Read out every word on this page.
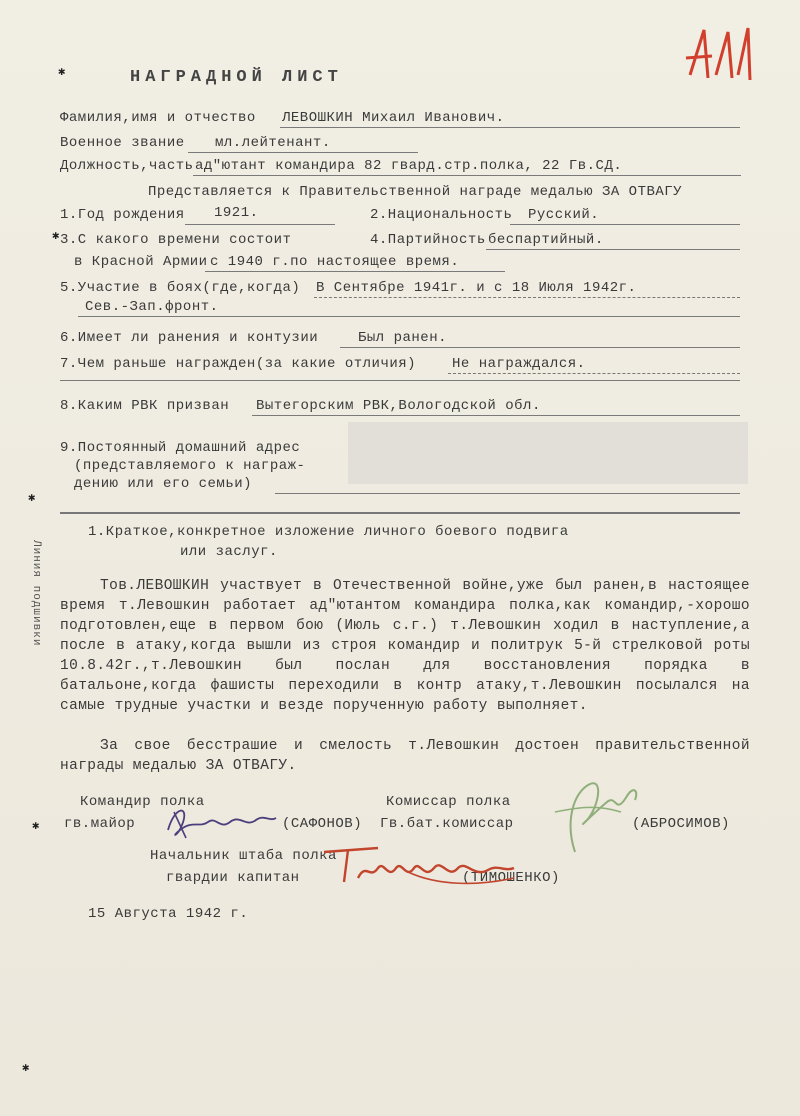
✱
✱
✱
✱
✱
Линия подшивки
НАГРАДНОЙ ЛИСТ
Фамилия,имя и отчество ЛЕВОШКИН Михаил Иванович.
Военное звание мл.лейтенант.
Должность,часть ад"ютант командира 82 гвард.стр.полка, 22 Гв.СД.
Представляется к Правительственной награде медалью ЗА ОТВАГУ
1.Год рождения 1921.	2.Национальность Русский.
3.С какого времени состоит	4.Партийность беспартийный.
в Красной Армии с 1940 г.по настоящее время.
5.Участие в боях(где,когда) В Сентябре 1941г. и с 18 Июля 1942г.
Сев.-Зап.фронт.
6.Имеет ли ранения и контузии	Был ранен.
7.Чем раньше награжден(за какие отличия)	Не награждался.
8.Каким РВК призван Вытегорским РВК,Вологодской обл.
9.Постоянный домашний адрес
(представляемого к награж-
дению или его семьи)
1.Краткое,конкретное изложение личного боевого подвига
или заслуг.
Тов.ЛЕВОШКИН участвует в Отечественной войне,уже был ранен,в настоящее время т.Левошкин работает ад"ютантом командира полка,как командир,-хорошо подготовлен,еще в первом бою (Июль с.г.) т.Левошкин ходил в наступление,а после в атаку,когда вышли из строя командир и политрук 5-й стрелковой роты 10.8.42г.,т.Левошкин был послан для восстановления порядка в батальоне,когда фашисты переходили в контр атаку,т.Левошкин посылался на самые трудные участки и везде порученную работу выполняет.
За свое бесстрашие и смелость т.Левошкин достоен правительственной награды медалью ЗА ОТВАГУ.
Командир полка
гв.майор	(САФОНОВ)
Комиссар полка
Гв.бат.комиссар	(АБРОСИМОВ)
Начальник штаба полка
гвардии капитан	(ТИМОШЕНКО)
15 Августа 1942 г.
